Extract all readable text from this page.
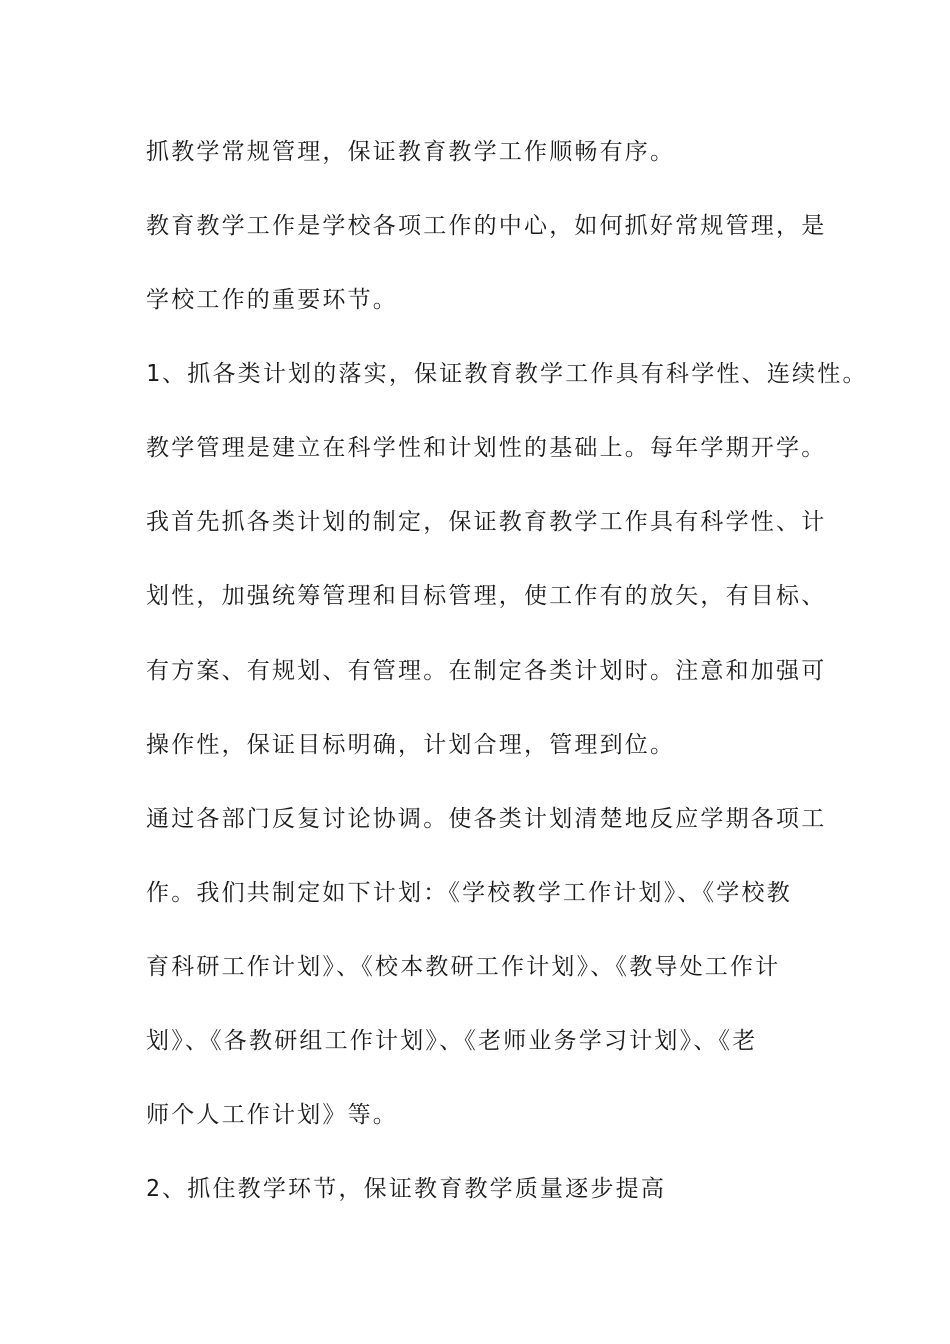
抓教学常规管理，保证教育教学工作顺畅有序。

教育教学工作是学校各项工作的中心，如何抓好常规管理，是

学校工作的重要环节。

1、抓各类计划的落实，保证教育教学工作具有科学性、连续性。

教学管理是建立在科学性和计划性的基础上。每年学期开学。

我首先抓各类计划的制定，保证教育教学工作具有科学性、计

划性，加强统筹管理和目标管理，使工作有的放矢，有目标、

有方案、有规划、有管理。在制定各类计划时。注意和加强可

操作性，保证目标明确，计划合理，管理到位。

通过各部门反复讨论协调。使各类计划清楚地反应学期各项工

作。我们共制定如下计划：《学校教学工作计划》、《学校教

育科研工作计划》、《校本教研工作计划》、《教导处工作计

划》、《各教研组工作计划》、《老师业务学习计划》、《老

师个人工作计划》等。

2、抓住教学环节，保证教育教学质量逐步提高
